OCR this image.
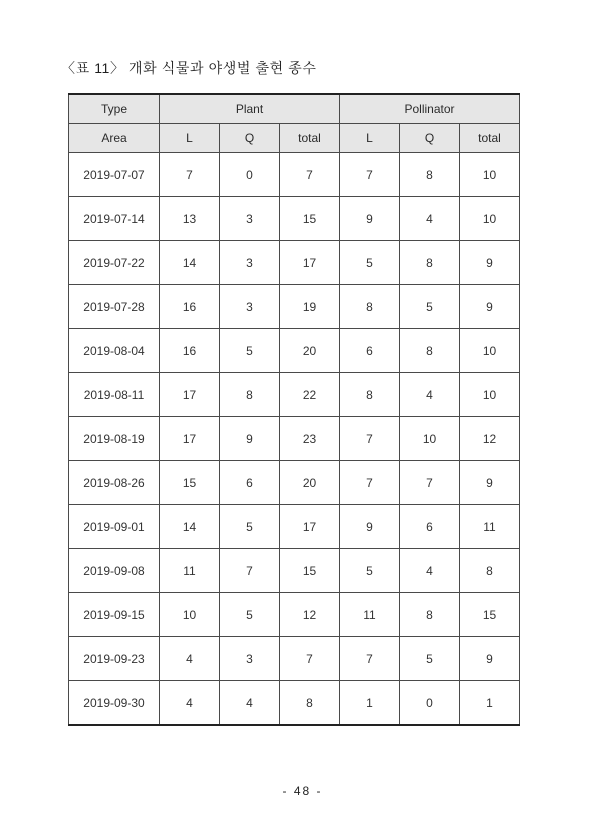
〈표 11〉 개화 식물과 야생벌 출현 종수
Type	Plant			Pollinator		
Area	L	Q	total	L	Q	total
2019-07-07	7	0	7	7	8	10
2019-07-14	13	3	15	9	4	10
2019-07-22	14	3	17	5	8	9
2019-07-28	16	3	19	8	5	9
2019-08-04	16	5	20	6	8	10
2019-08-11	17	8	22	8	4	10
2019-08-19	17	9	23	7	10	12
2019-08-26	15	6	20	7	7	9
2019-09-01	14	5	17	9	6	11
2019-09-08	11	7	15	5	4	8
2019-09-15	10	5	12	11	8	15
2019-09-23	4	3	7	7	5	9
2019-09-30	4	4	8	1	0	1
- 48 -
